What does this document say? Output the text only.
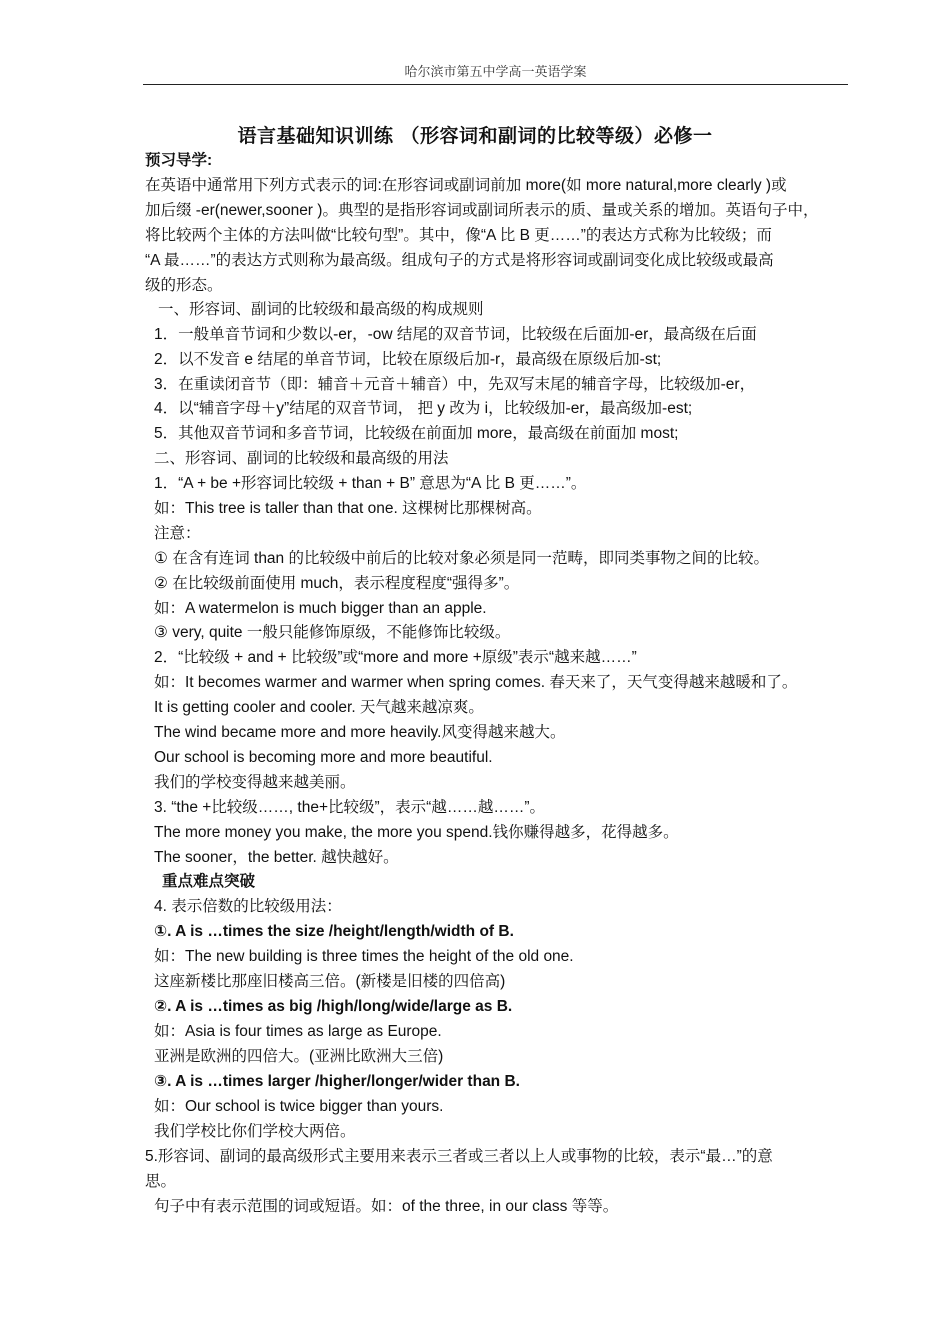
哈尔滨市第五中学高一英语学案
语言基础知识训练 （形容词和副词的比较等级）必修一
预习导学:
在英语中通常用下列方式表示的词:在形容词或副词前加 more(如 more natural,more clearly )或
加后缀 -er(newer,sooner )。典型的是指形容词或副词所表示的质、量或关系的增加。英语句子中，
将比较两个主体的方法叫做“比较句型”。其中，像“A 比 B 更……”的表达方式称为比较级；而
“A 最……”的表达方式则称为最高级。组成句子的方式是将形容词或副词变化成比较级或最高
级的形态。
一、形容词、副词的比较级和最高级的构成规则
1．一般单音节词和少数以-er，-ow 结尾的双音节词，比较级在后面加-er，最高级在后面
2．以不发音 e 结尾的单音节词，比较在原级后加-r，最高级在原级后加-st;
3．在重读闭音节（即：辅音＋元音＋辅音）中，先双写末尾的辅音字母，比较级加-er，
4．以“辅音字母＋y”结尾的双音节词， 把 y 改为 i，比较级加-er，最高级加-est;
5．其他双音节词和多音节词，比较级在前面加 more，最高级在前面加 most;
二、形容词、副词的比较级和最高级的用法
1．“A + be +形容词比较级 + than + B” 意思为“A 比 B 更……”。
如：This tree is taller than that one. 这棵树比那棵树高。
注意：
① 在含有连词 than 的比较级中前后的比较对象必须是同一范畴，即同类事物之间的比较。
② 在比较级前面使用 much，表示程度程度“强得多”。
如：A watermelon is much bigger than an apple.
③ very, quite 一般只能修饰原级，不能修饰比较级。
2．“比较级 + and + 比较级”或“more and more +原级”表示“越来越……”
如：It becomes warmer and warmer when spring comes. 春天来了，天气变得越来越暖和了。
It is getting cooler and cooler. 天气越来越凉爽。
The wind became more and more heavily.风变得越来越大。
Our school is becoming more and more beautiful.
我们的学校变得越来越美丽。
3. “the +比较级……, the+比较级”，表示“越……越……”。
The more money you make, the more you spend.钱你赚得越多，花得越多。
The sooner，the better. 越快越好。
重点难点突破
4. 表示倍数的比较级用法：
①. A is …times the size /height/length/width of B.
如：The new building is three times the height of the old one.
这座新楼比那座旧楼高三倍。(新楼是旧楼的四倍高)
②. A is …times as big /high/long/wide/large as B.
如：Asia is four times as large as Europe.
亚洲是欧洲的四倍大。(亚洲比欧洲大三倍)
③. A is …times larger /higher/longer/wider than B.
如：Our school is twice bigger than yours.
我们学校比你们学校大两倍。
5.形容词、副词的最高级形式主要用来表示三者或三者以上人或事物的比较，表示“最…”的意
思。
句子中有表示范围的词或短语。如：of the three, in our class 等等。
